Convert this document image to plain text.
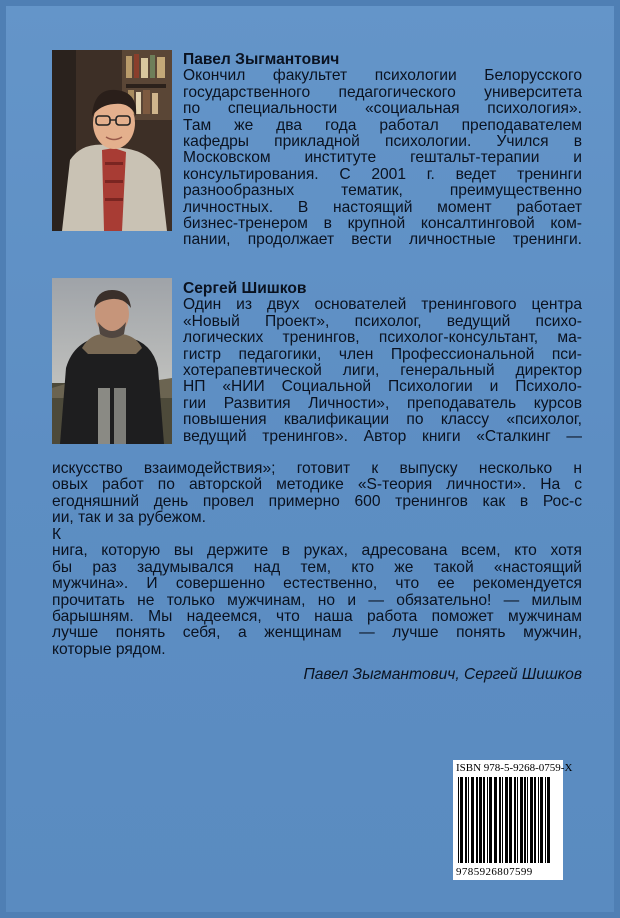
Павел Зыгмантович
Окончил факультет психологии Белорусского
государственного педагогического университета
по специальности «социальная психология».
Там же два года работал преподавателем
кафедры прикладной психологии. Учился в
Московском институте гештальт-терапии и
консультирования. С 2001 г. ведет тренинги
разнообразных тематик, преимущественно
личностных. В настоящий момент работает
бизнес-тренером в крупной консалтинговой ком-
пании, продолжает вести личностные тренинги.
Сергей Шишков
Один из двух основателей тренингового центра
«Новый Проект», психолог, ведущий психо-
логических тренингов, психолог-консультант, ма-
гистр педагогики, член Профессиональной пси-
хотерапевтической лиги, генеральный директор
НП «НИИ Социальной Психологии и Психоло-
гии Развития Личности», преподаватель курсов
повышения квалификации по классу «психолог,
ведущий тренингов». Автор книги «Сталкинг —
искусство взаимодействия»; готовит к выпуску несколько н
овых работ по авторской методике «S-теория личности». На с
егодняшний день провел примерно 600 тренингов как в Рос-с
ии, так и за рубежом.
К
нига, которую вы держите в руках, адресована всем, кто хотя
бы раз задумывался над тем, кто же такой «настоящий
мужчина». И совершенно естественно, что ее рекомендуется
прочитать не только мужчинам, но и — обязательно! — милым
барышням. Мы надеемся, что наша работа поможет мужчинам
лучше понять себя, а женщинам — лучше понять мужчин,
которые рядом.
Павел Зыгмантович, Сергей Шишков
ISBN 978-5-9268-0759-X
9785926807599
